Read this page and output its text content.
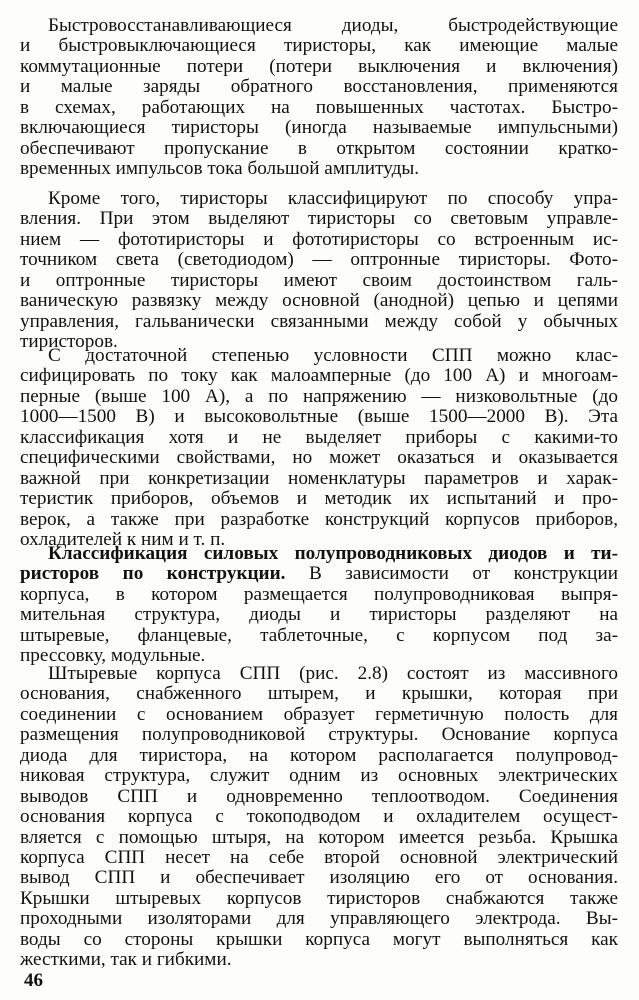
Быстровосстанавливающиеся диоды, быстродействующие
и быстровыключающиеся тиристоры, как имеющие малые
коммутационные потери (потери выключения и включения)
и малые заряды обратного восстановления, применяются
в схемах, работающих на повышенных частотах. Быстро-
включающиеся тиристоры (иногда называемые импульсными)
обеспечивают пропускание в открытом состоянии кратко-
временных импульсов тока большой амплитуды.
Кроме того, тиристоры классифицируют по способу упра-
вления. При этом выделяют тиристоры со световым управле-
нием — фототиристоры и фототиристоры со встроенным ис-
точником света (светодиодом) — оптронные тиристоры. Фото-
и оптронные тиристоры имеют своим достоинством галь-
ваническую развязку между основной (анодной) цепью и цепями
управления, гальванически связанными между собой у обычных
тиристоров.
С достаточной степенью условности СПП можно клас-
сифицировать по току как малоамперные (до 100 А) и многоам-
перные (выше 100 А), а по напряжению — низковольтные (до
1000—1500 В) и высоковольтные (выше 1500—2000 В). Эта
классификация хотя и не выделяет приборы с какими-то
специфическими свойствами, но может оказаться и оказывается
важной при конкретизации номенклатуры параметров и харак-
теристик приборов, объемов и методик их испытаний и про-
верок, а также при разработке конструкций корпусов приборов,
охладителей к ним и т. п.
Классификация силовых полупроводниковых диодов и ти-
ристоров по конструкции. В зависимости от конструкции
корпуса, в котором размещается полупроводниковая выпря-
мительная структура, диоды и тиристоры разделяют на
штыревые, фланцевые, таблеточные, с корпусом под за-
прессовку, модульные.
Штыревые корпуса СПП (рис. 2.8) состоят из массивного
основания, снабженного штырем, и крышки, которая при
соединении с основанием образует герметичную полость для
размещения полупроводниковой структуры. Основание корпуса
диода для тиристора, на котором располагается полупровод-
никовая структура, служит одним из основных электрических
выводов СПП и одновременно теплоотводом. Соединения
основания корпуса с токоподводом и охладителем осущест-
вляется с помощью штыря, на котором имеется резьба. Крышка
корпуса СПП несет на себе второй основной электрический
вывод СПП и обеспечивает изоляцию его от основания.
Крышки штыревых корпусов тиристоров снабжаются также
проходными изоляторами для управляющего электрода. Вы-
воды со стороны крышки корпуса могут выполняться как
жесткими, так и гибкими.
46
